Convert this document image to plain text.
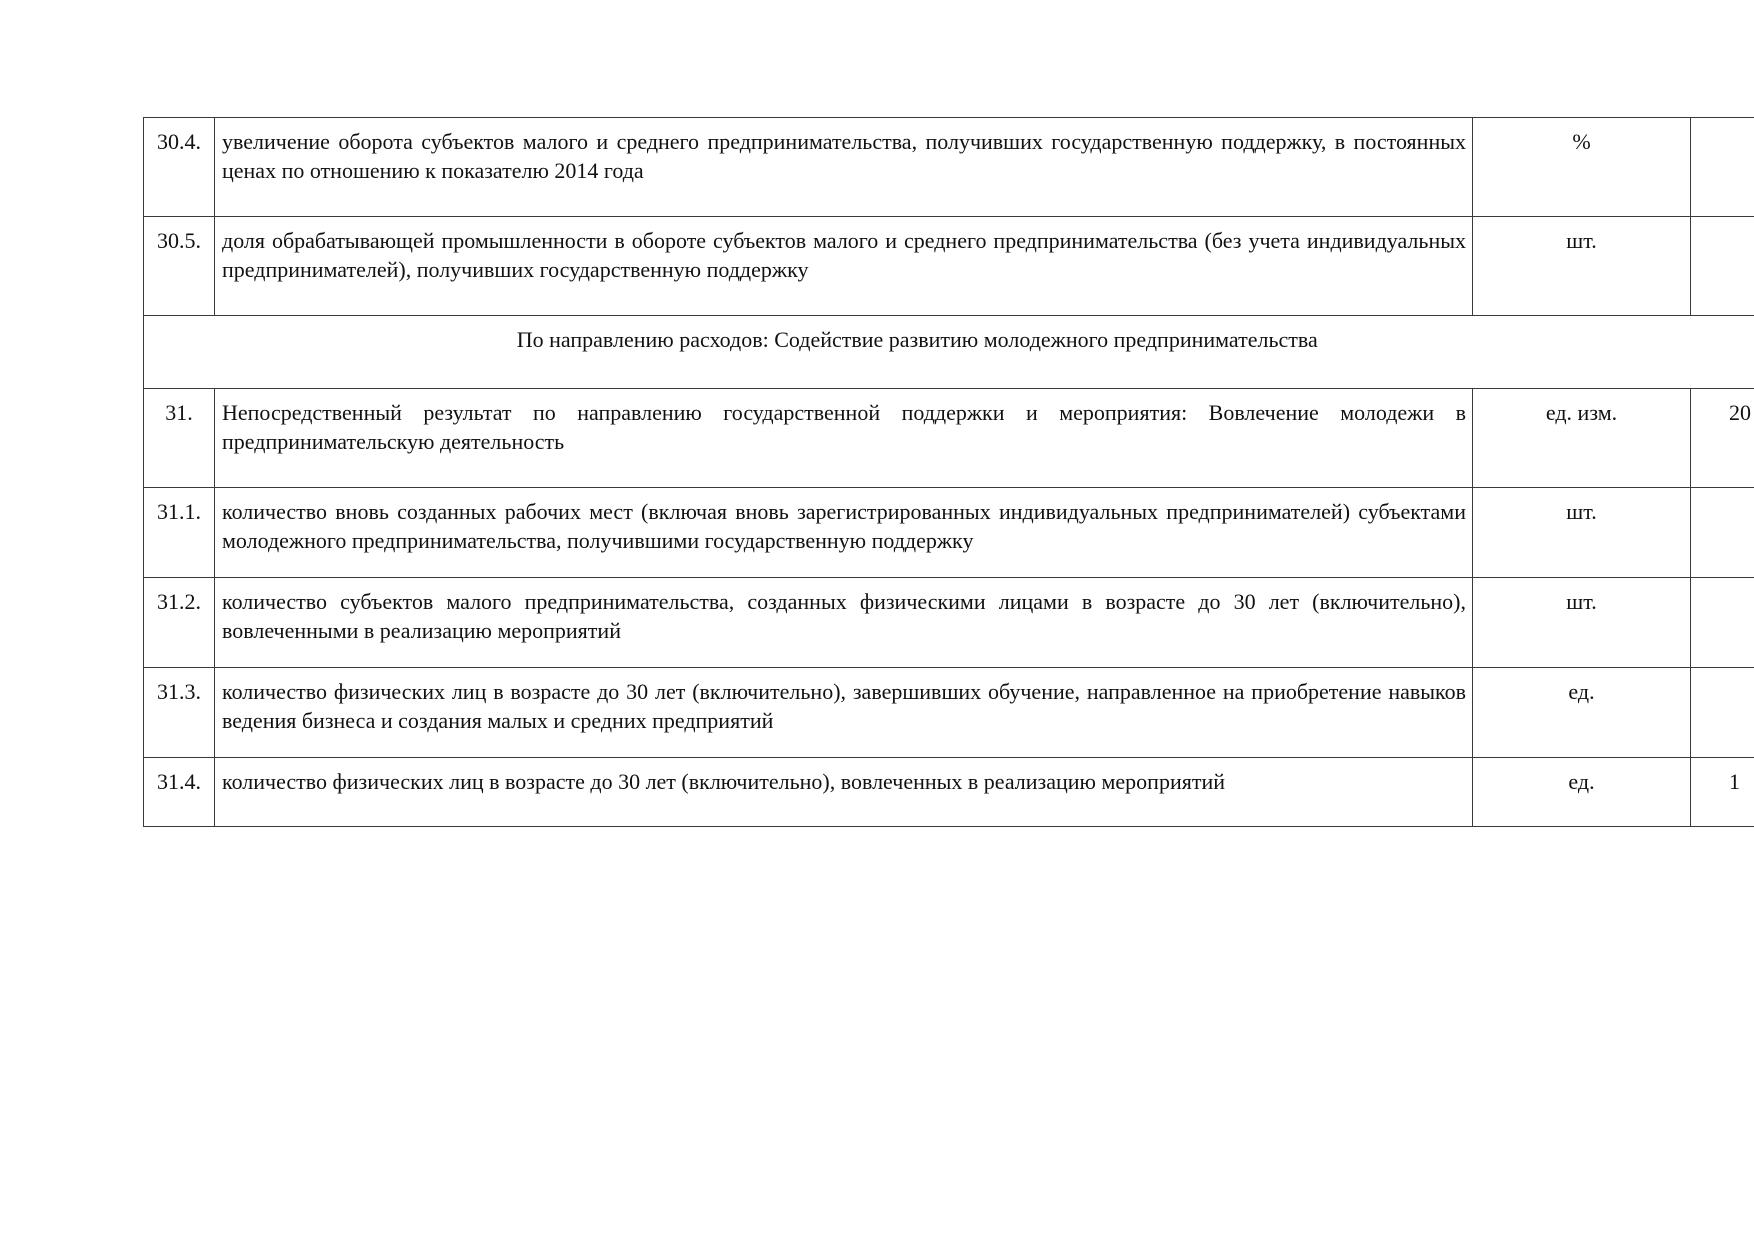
30.4.	увеличение оборота субъектов малого и среднего предпринимательства, получивших государственную поддержку, в постоянных ценах по отношению к показателю 2014 года	%	
30.5.	доля обрабатывающей промышленности в обороте субъектов малого и среднего предпринимательства (без учета индивидуальных предпринимателей), получивших государственную поддержку	шт.	
По направлению расходов: Содействие развитию молодежного предпринимательства			
31.	Непосредственный результат по направлению государственной поддержки и мероприятия: Вовлечение молодежи в предпринимательскую деятельность	ед. изм.	20
31.1.	количество вновь созданных рабочих мест (включая вновь зарегистрированных индивидуальных предпринимателей) субъектами молодежного предпринимательства, получившими государственную поддержку	шт.	
31.2.	количество субъектов малого предпринимательства, созданных физическими лицами в возрасте до 30 лет (включительно), вовлеченными в реализацию мероприятий	шт.	
31.3.	количество физических лиц в возрасте до 30 лет (включительно), завершивших обучение, направленное на приобретение навыков ведения бизнеса и создания малых и средних предприятий	ед.	
31.4.	количество физических лиц в возрасте до 30 лет (включительно), вовлеченных в реализацию мероприятий	ед.	1
